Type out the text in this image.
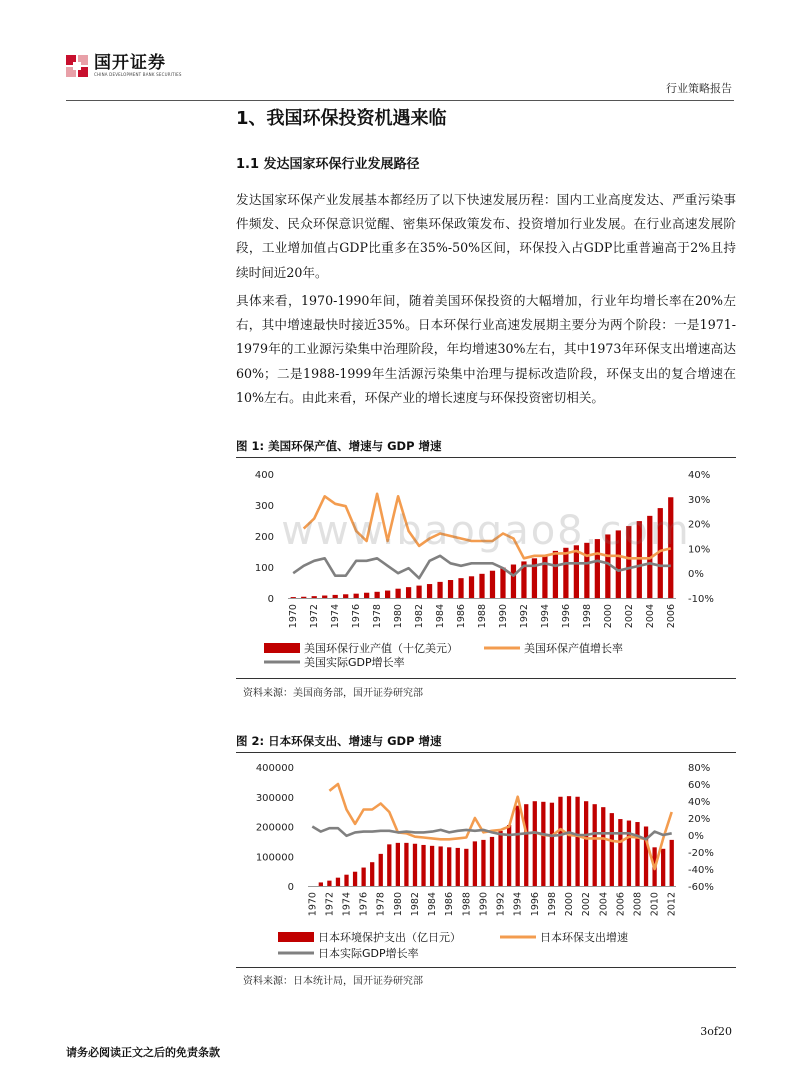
国开证券
CHINA DEVELOPMENT BANK SECURITIES
行业策略报告
1、我国环保投资机遇来临
1.1 发达国家环保行业发展路径
发达国家环保产业发展基本都经历了以下快速发展历程：国内工业高度发达、严重污染事件频发、民众环保意识觉醒、密集环保政策发布、投资增加行业发展。在行业高速发展阶段，工业增加值占GDP比重多在35%-50%区间，环保投入占GDP比重普遍高于2%且持续时间近20年。
具体来看，1970-1990年间，随着美国环保投资的大幅增加，行业年均增长率在20%左右，其中增速最快时接近35%。日本环保行业高速发展期主要分为两个阶段：一是1971-1979年的工业源污染集中治理阶段，年均增速30%左右，其中1973年环保支出增速高达60%；二是1988-1999年生活源污染集中治理与提标改造阶段，环保支出的复合增速在10%左右。由此来看，环保产业的增长速度与环保投资密切相关。
图 1: 美国环保产值、增速与 GDP 增速
0
100
200
300
400
-10%
0%
10%
20%
30%
40%
1970 1972 1974 1976 1978 1980 1982 1984 1986 1988 1990 1992 1994 1996 1998 2000 2002 2004 2006
美国环保行业产值（十亿美元）	美国环保产值增长率
美国实际GDP增长率
资料来源：美国商务部，国开证券研究部
www.baogao8.com
图 2: 日本环保支出、增速与 GDP 增速
0
100000
200000
300000
400000
-60%
-40%
-20%
0%
20%
40%
60%
80%
1970 1972 1974 1976 1978 1980 1982 1984 1986 1988 1990 1992 1994 1996 1998 2000 2002 2004 2006 2008 2010 2012
日本环境保护支出（亿日元）	日本环保支出增速
日本实际GDP增长率
资料来源：日本统计局，国开证券研究部
3of20
请务必阅读正文之后的免责条款
